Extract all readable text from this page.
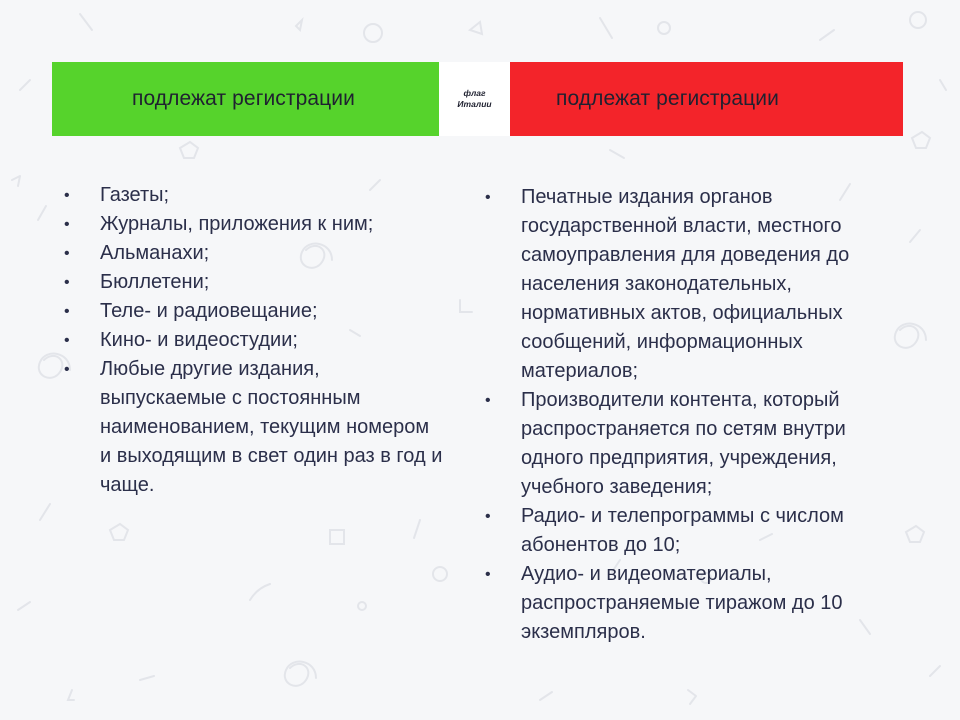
подлежат регистрации	флаг
Италии	подлежат регистрации
• Газеты;
• Журналы, приложения к ним;
• Альманахи;
• Бюллетени;
• Теле- и радиовещание;
• Кино- и видеостудии;
• Любые другие издания, выпускаемые с постоянным наименованием, текущим номером и выходящим в свет один раз в год и чаще.
• Печатные издания органов государственной власти, местного самоуправления для доведения до населения законодательных, нормативных актов, официальных сообщений, информационных материалов;
• Производители контента, который распространяется по сетям внутри одного предприятия, учреждения, учебного заведения;
• Радио- и телепрограммы с числом абонентов до 10;
• Аудио- и видеоматериалы, распространяемые тиражом до 10 экземпляров.
